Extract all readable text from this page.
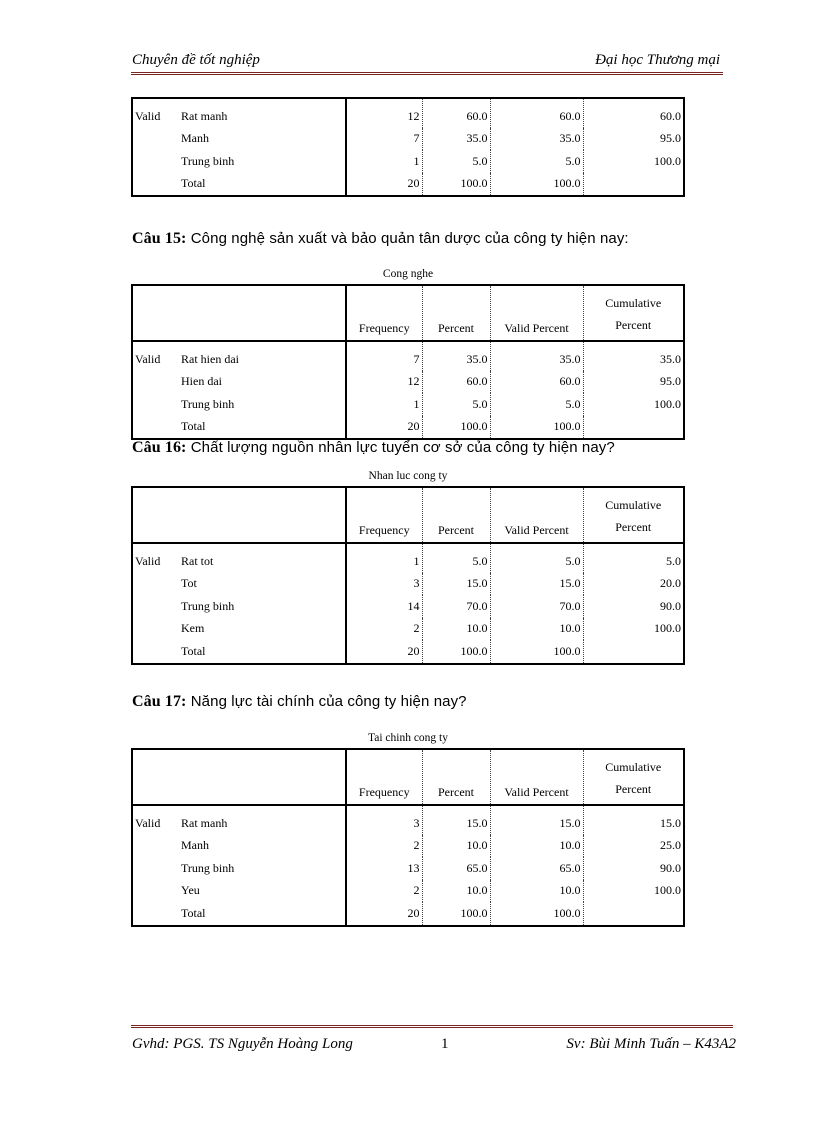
Chuyên đề tốt nghiệp	Đại học Thương mại
Valid	Rat manh	12	60.0	60.0	60.0
	Manh	7	35.0	35.0	95.0
	Trung binh	1	5.0	5.0	100.0
	Total	20	100.0	100.0	
Câu 15: Công nghệ sản xuất và bảo quản tân dược của công ty hiện nay:
Cong nghe
		Frequency	Percent	Valid Percent	Cumulative
Percent

Valid	Rat hien dai	7	35.0	35.0	35.0
	Hien dai	12	60.0	60.0	95.0
	Trung binh	1	5.0	5.0	100.0
	Total	20	100.0	100.0	
Câu 16: Chất lượng nguồn nhân lực tuyển cơ sở của công ty hiện nay?
Nhan luc cong ty
		Frequency	Percent	Valid Percent	Cumulative
Percent

Valid	Rat tot	1	5.0	5.0	5.0
	Tot	3	15.0	15.0	20.0
	Trung binh	14	70.0	70.0	90.0
	Kem	2	10.0	10.0	100.0
	Total	20	100.0	100.0	
Câu 17: Năng lực tài chính của công ty hiện nay?
Tai chinh cong ty
		Frequency	Percent	Valid Percent	Cumulative
Percent

Valid	Rat manh	3	15.0	15.0	15.0
	Manh	2	10.0	10.0	25.0
	Trung binh	13	65.0	65.0	90.0
	Yeu	2	10.0	10.0	100.0
	Total	20	100.0	100.0	
Gvhd: PGS. TS Nguyễn Hoàng Long	1	Sv: Bùi Minh Tuấn – K43A2
